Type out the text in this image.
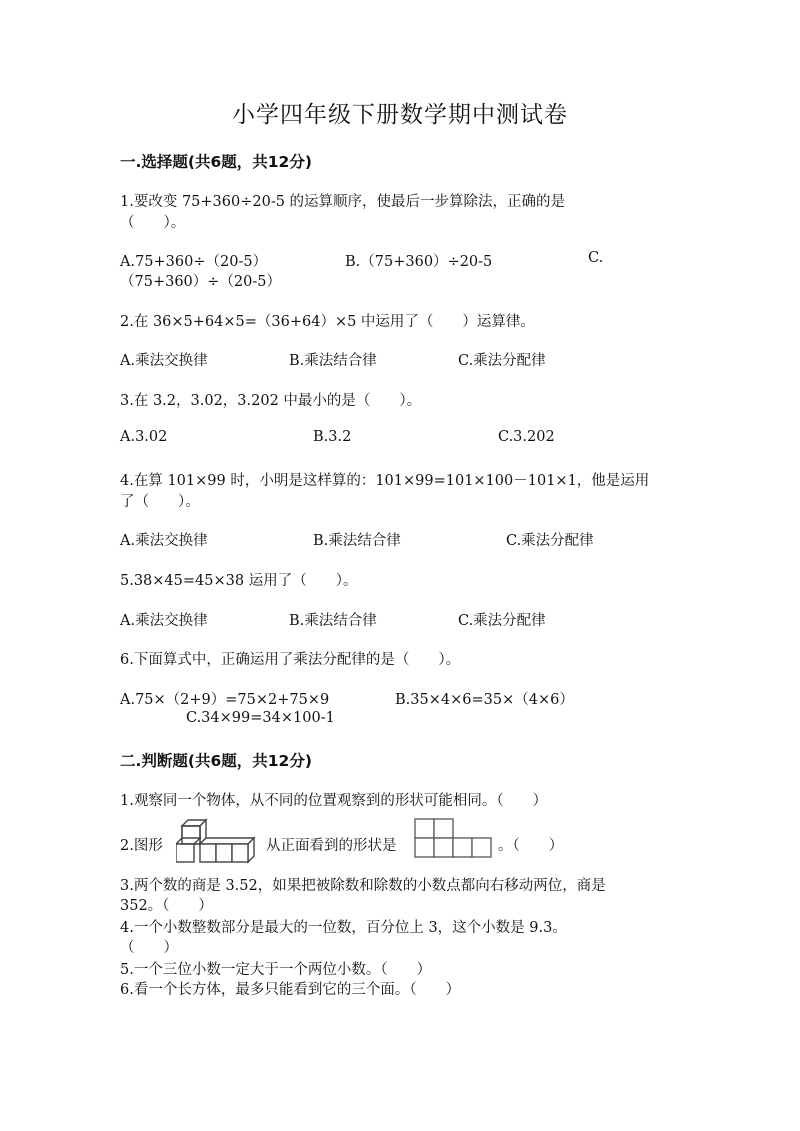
小学四年级下册数学期中测试卷
一.选择题(共6题，共12分)
1.要改变 75+360÷20-5 的运算顺序，使最后一步算除法，正确的是
（　　）。
A.75+360÷（20-5）	B.（75+360）÷20-5	C.
（75+360）÷（20-5）
2.在 36×5+64×5=（36+64）×5 中运用了（　　）运算律。
A.乘法交换律	B.乘法结合律	C.乘法分配律
3.在 3.2，3.02，3.202 中最小的是（　　）。
A.3.02	B.3.2	C.3.202
4.在算 101×99 时，小明是这样算的：101×99=101×100－101×1，他是运用
了（　　）。
A.乘法交换律	B.乘法结合律	C.乘法分配律
5.38×45=45×38 运用了（　　）。
A.乘法交换律	B.乘法结合律	C.乘法分配律
6.下面算式中，正确运用了乘法分配律的是（　　）。
A.75×（2+9）=75×2+75×9	B.35×4×6=35×（4×6）
C.34×99=34×100-1
二.判断题(共6题，共12分)
1.观察同一个物体，从不同的位置观察到的形状可能相同。（　　）
2.图形	从正面看到的形状是	。（　　）
3.两个数的商是 3.52，如果把被除数和除数的小数点都向右移动两位，商是
352。（　　）
4.一个小数整数部分是最大的一位数，百分位上 3，这个小数是 9.3。
（　　）
5.一个三位小数一定大于一个两位小数。（　　）
6.看一个长方体，最多只能看到它的三个面。（　　）
